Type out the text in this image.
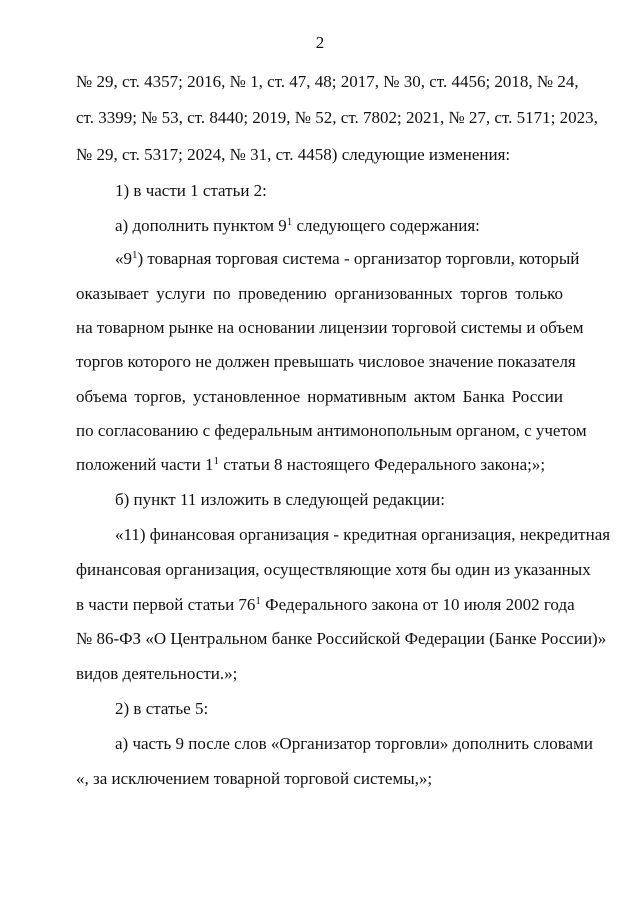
2
№ 29, ст. 4357; 2016, № 1, ст. 47, 48; 2017, № 30, ст. 4456; 2018, № 24,
ст. 3399; № 53, ст. 8440; 2019, № 52, ст. 7802; 2021, № 27, ст. 5171; 2023,
№ 29, ст. 5317; 2024, № 31, ст. 4458) следующие изменения:
1) в части 1 статьи 2:
а) дополнить пунктом $9^1$ следующего содержания:
«$9^1$) товарная торговая система - организатор торговли, который
оказывает услуги по проведению организованных торгов только
на товарном рынке на основании лицензии торговой системы и объем
торгов которого не должен превышать числовое значение показателя
объема торгов, установленное нормативным актом Банка России
по согласованию с федеральным антимонопольным органом, с учетом
положений части $1^1$ статьи 8 настоящего Федерального закона;»;
б) пункт 11 изложить в следующей редакции:
«11) финансовая организация - кредитная организация, некредитная
финансовая организация, осуществляющие хотя бы один из указанных
в части первой статьи $76^1$ Федерального закона от 10 июля 2002 года
№ 86-ФЗ «О Центральном банке Российской Федерации (Банке России)»
видов деятельности.»;
2) в статье 5:
а) часть 9 после слов «Организатор торговли» дополнить словами
«, за исключением товарной торговой системы,»;
